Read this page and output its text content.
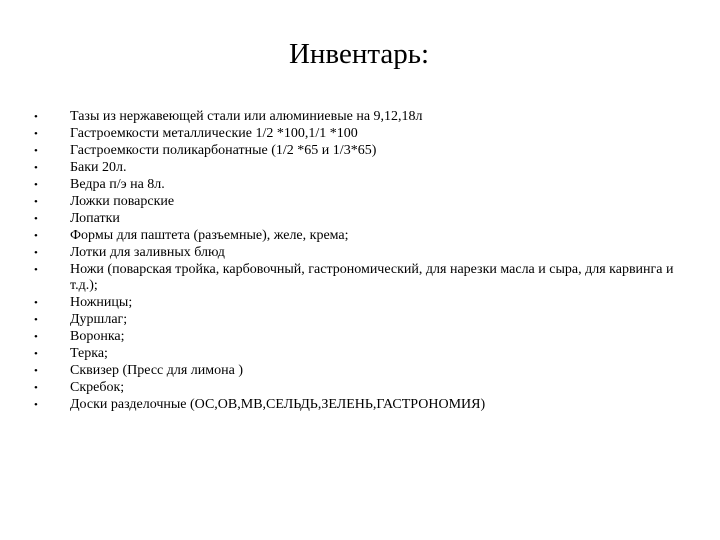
Инвентарь:
• Тазы из нержавеющей стали или алюминиевые на 9,12,18л
• Гастроемкости металлические 1/2 *100,1/1 *100
• Гастроемкости поликарбонатные (1/2 *65 и 1/3*65)
• Баки 20л.
• Ведра п/э на 8л.
• Ложки поварские
• Лопатки
• Формы для паштета (разъемные), желе, крема;
• Лотки для заливных блюд
• Ножи (поварская тройка, карбовочный, гастрономический, для нарезки масла и сыра, для карвинга и т.д.);
• Ножницы;
• Дуршлаг;
• Воронка;
• Терка;
• Сквизер (Пресс для лимона )
• Скребок;
• Доски разделочные (ОС,ОВ,МВ,СЕЛЬДЬ,ЗЕЛЕНЬ,ГАСТРОНОМИЯ)
